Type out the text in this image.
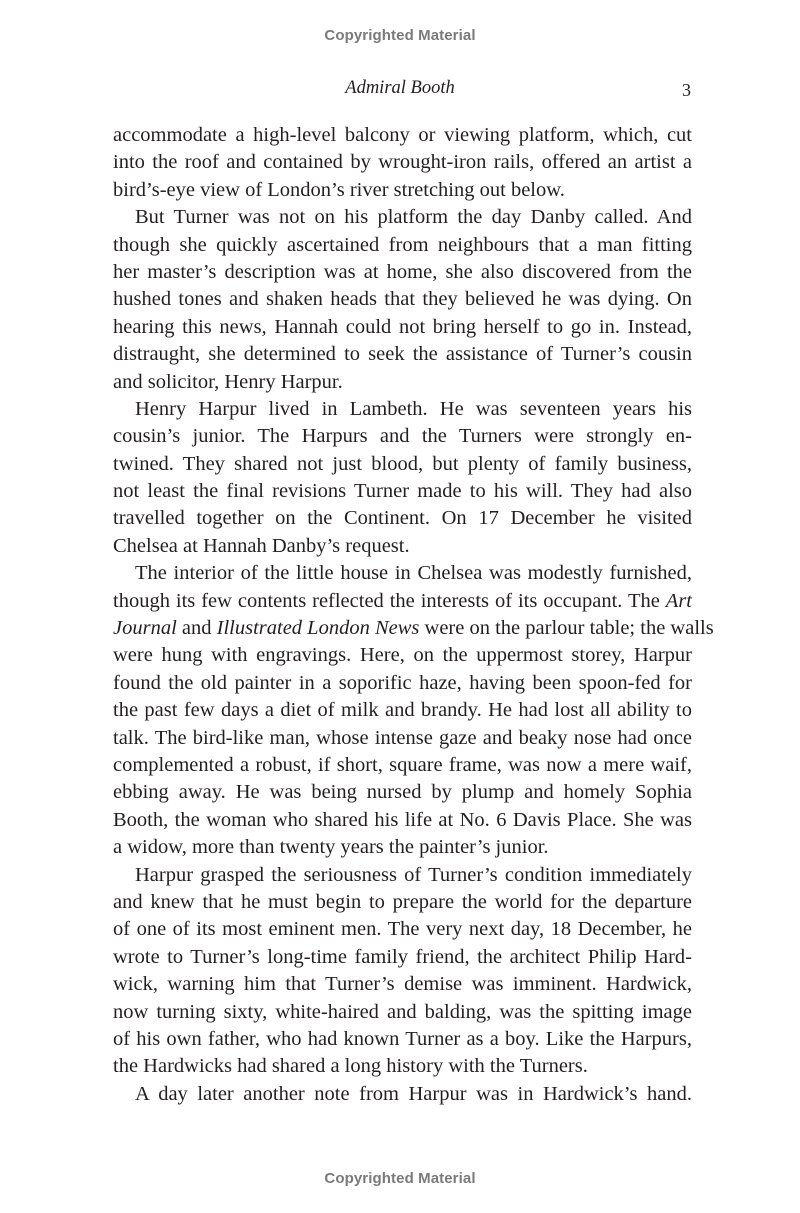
Copyrighted Material
Admiral Booth	3
accommodate a high-level balcony or viewing platform, which, cut
into the roof and contained by wrought-iron rails, offered an artist a
bird’s-eye view of London’s river stretching out below.
But Turner was not on his platform the day Danby called. And
though she quickly ascertained from neighbours that a man fitting
her master’s description was at home, she also discovered from the
hushed tones and shaken heads that they believed he was dying. On
hearing this news, Hannah could not bring herself to go in. Instead,
distraught, she determined to seek the assistance of Turner’s cousin
and solicitor, Henry Harpur.
Henry Harpur lived in Lambeth. He was seventeen years his
cousin’s junior. The Harpurs and the Turners were strongly en-
twined. They shared not just blood, but plenty of family business,
not least the final revisions Turner made to his will. They had also
travelled together on the Continent. On 17 December he visited
Chelsea at Hannah Danby’s request.
The interior of the little house in Chelsea was modestly furnished,
though its few contents reflected the interests of its occupant. The Art
Journal and Illustrated London News were on the parlour table; the walls
were hung with engravings. Here, on the uppermost storey, Harpur
found the old painter in a soporific haze, having been spoon-fed for
the past few days a diet of milk and brandy. He had lost all ability to
talk. The bird-like man, whose intense gaze and beaky nose had once
complemented a robust, if short, square frame, was now a mere waif,
ebbing away. He was being nursed by plump and homely Sophia
Booth, the woman who shared his life at No. 6 Davis Place. She was
a widow, more than twenty years the painter’s junior.
Harpur grasped the seriousness of Turner’s condition immediately
and knew that he must begin to prepare the world for the departure
of one of its most eminent men. The very next day, 18 December, he
wrote to Turner’s long-time family friend, the architect Philip Hard-
wick, warning him that Turner’s demise was imminent. Hardwick,
now turning sixty, white-haired and balding, was the spitting image
of his own father, who had known Turner as a boy. Like the Harpurs,
the Hardwicks had shared a long history with the Turners.
A day later another note from Harpur was in Hardwick’s hand.
Copyrighted Material
